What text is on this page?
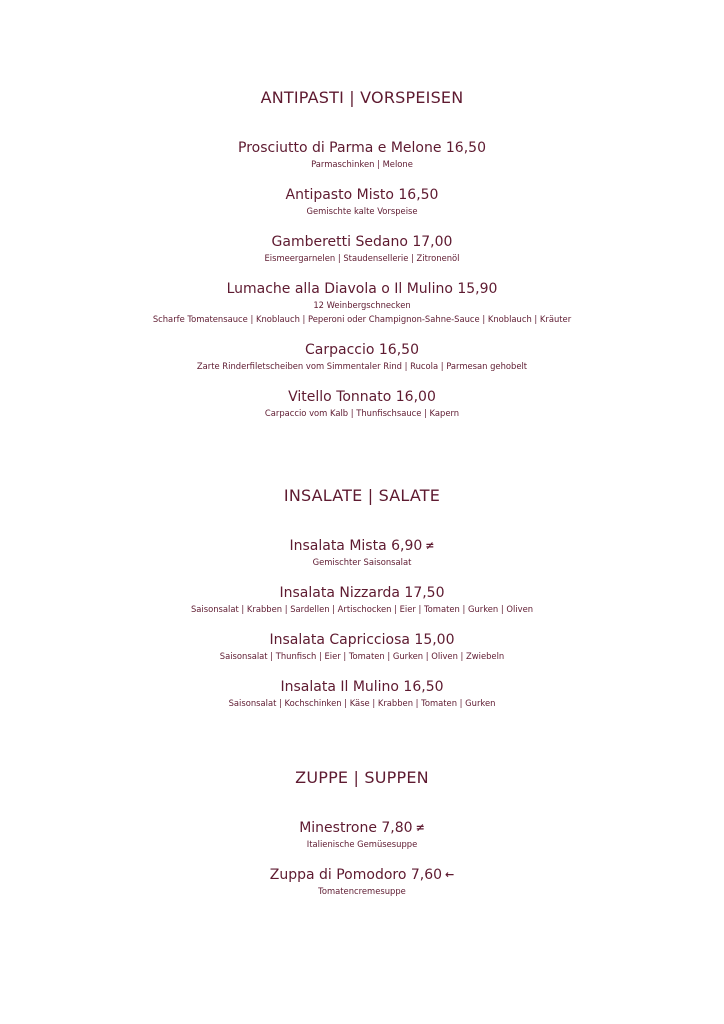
ANTIPASTI | VORSPEISEN
Prosciutto di Parma e Melone 16,50
Parmaschinken | Melone
Antipasto Misto 16,50
Gemischte kalte Vorspeise
Gamberetti Sedano 17,00
Eismeergarnelen | Staudensellerie | Zitronenöl
Lumache alla Diavola o Il Mulino 15,90
12 Weinbergschnecken
Scharfe Tomatensauce | Knoblauch | Peperoni oder Champignon-Sahne-Sauce | Knoblauch | Kräuter
Carpaccio 16,50
Zarte Rinderfiletscheiben vom Simmentaler Rind | Rucola | Parmesan gehobelt
Vitello Tonnato 16,00
Carpaccio vom Kalb | Thunfischsauce | Kapern
INSALATE | SALATE
Insalata Mista 6,90 ≠
Gemischter Saisonsalat
Insalata Nizzarda 17,50
Saisonsalat | Krabben | Sardellen | Artischocken | Eier | Tomaten | Gurken | Oliven
Insalata Capricciosa 15,00
Saisonsalat | Thunfisch | Eier | Tomaten | Gurken | Oliven | Zwiebeln
Insalata Il Mulino 16,50
Saisonsalat | Kochschinken | Käse | Krabben | Tomaten | Gurken
ZUPPE | SUPPEN
Minestrone 7,80 ≠
Italienische Gemüsesuppe
Zuppa di Pomodoro 7,60 ←
Tomatencremesuppe
